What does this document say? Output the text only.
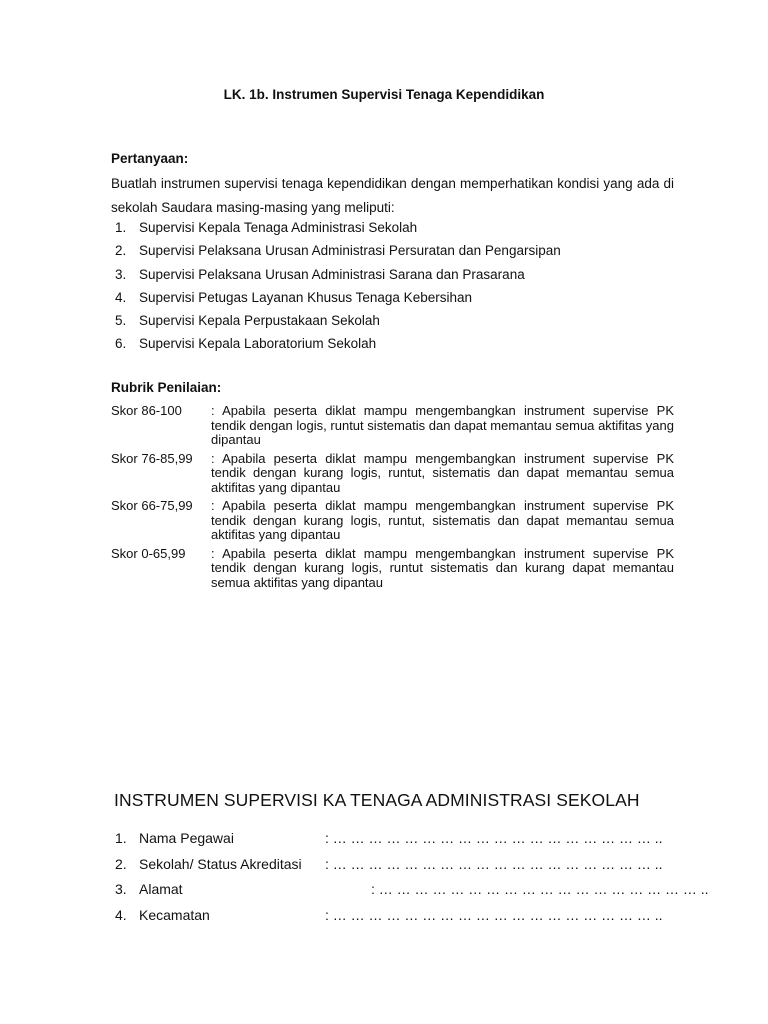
LK. 1b. Instrumen Supervisi Tenaga Kependidikan
Pertanyaan:
Buatlah instrumen supervisi tenaga kependidikan dengan memperhatikan kondisi yang ada di sekolah Saudara masing-masing yang meliputi:
1. Supervisi Kepala Tenaga Administrasi Sekolah
2. Supervisi Pelaksana Urusan Administrasi Persuratan dan Pengarsipan
3. Supervisi Pelaksana Urusan Administrasi Sarana dan Prasarana
4. Supervisi Petugas Layanan Khusus Tenaga Kebersihan
5. Supervisi Kepala Perpustakaan Sekolah
6. Supervisi Kepala Laboratorium Sekolah
Rubrik Penilaian:
Skor 86-100	: Apabila peserta diklat mampu mengembangkan instrument supervise PK tendik dengan logis, runtut sistematis dan dapat memantau semua aktifitas yang dipantau
Skor 76-85,99	: Apabila peserta diklat mampu mengembangkan instrument supervise PK tendik dengan kurang logis, runtut, sistematis dan dapat memantau semua aktifitas yang dipantau
Skor 66-75,99	: Apabila peserta diklat mampu mengembangkan instrument supervise PK tendik dengan kurang logis, runtut, sistematis dan dapat memantau semua aktifitas yang dipantau
Skor 0-65,99	: Apabila peserta diklat mampu mengembangkan instrument supervise PK tendik dengan kurang logis, runtut sistematis dan kurang dapat memantau semua aktifitas yang dipantau
INSTRUMEN SUPERVISI KA TENAGA ADMINISTRASI SEKOLAH
1. Nama Pegawai	: … … … … … … … … … … … … … … … … … … ..
2. Sekolah/ Status Akreditasi : … … … … … … … … … … … … … … … … … … ..
3. Alamat	: … … … … … … … … … … … … … … … … … … ..
4. Kecamatan	: … … … … … … … … … … … … … … … … … … ..
